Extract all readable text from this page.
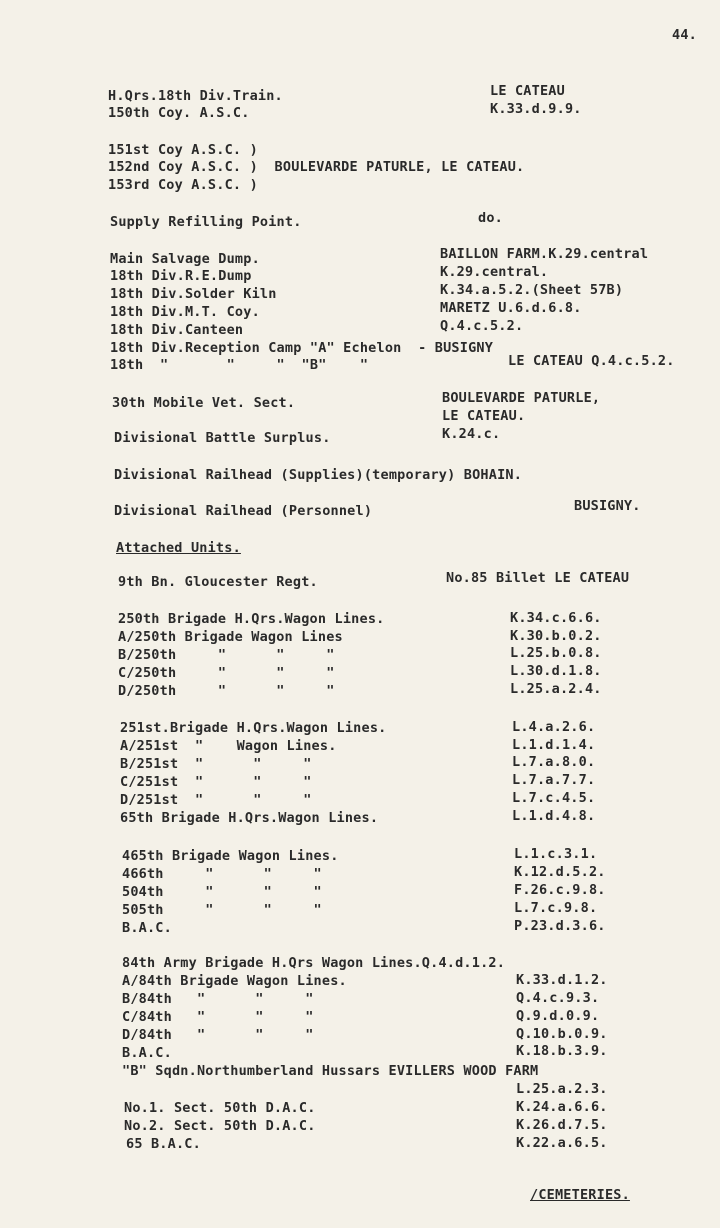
44.
H.Qrs.18th Div.Train.	LE CATEAU
150th Coy. A.S.C.	K.33.d.9.9.
151st Coy A.S.C. )
152nd Coy A.S.C. )  BOULEVARDE PATURLE, LE CATEAU.
153rd Coy A.S.C. )
Supply Refilling Point.	do.
Main Salvage Dump.	BAILLON FARM.K.29.central
18th Div.R.E.Dump	K.29.central.
18th Div.Solder Kiln	K.34.a.5.2.(Sheet 57B)
18th Div.M.T. Coy.	MARETZ U.6.d.6.8.
18th Div.Canteen	Q.4.c.5.2.
18th Div.Reception Camp "A" Echelon  - BUSIGNY
18th  "       "     "  "B"    "	LE CATEAU Q.4.c.5.2.
30th Mobile Vet. Sect.	BOULEVARDE PATURLE,
LE CATEAU.
Divisional Battle Surplus.	K.24.c.
Divisional Railhead (Supplies)(temporary) BOHAIN.
Divisional Railhead (Personnel)	BUSIGNY.
Attached Units.
9th Bn. Gloucester Regt.	No.85 Billet LE CATEAU
250th Brigade H.Qrs.Wagon Lines.	K.34.c.6.6.
A/250th Brigade Wagon Lines	K.30.b.0.2.
B/250th     "      "     "	L.25.b.0.8.
C/250th     "      "     "	L.30.d.1.8.
D/250th     "      "     "	L.25.a.2.4.
251st.Brigade H.Qrs.Wagon Lines.	L.4.a.2.6.
A/251st  "    Wagon Lines.	L.1.d.1.4.
B/251st  "      "     "	L.7.a.8.0.
C/251st  "      "     "	L.7.a.7.7.
D/251st  "      "     "	L.7.c.4.5.
65th Brigade H.Qrs.Wagon Lines.	L.1.d.4.8.
465th Brigade Wagon Lines.	L.1.c.3.1.
466th     "      "     "	K.12.d.5.2.
504th     "      "     "	F.26.c.9.8.
505th     "      "     "	L.7.c.9.8.
B.A.C.	P.23.d.3.6.
84th Army Brigade H.Qrs Wagon Lines.Q.4.d.1.2.
A/84th Brigade Wagon Lines.	K.33.d.1.2.
B/84th   "      "     "	Q.4.c.9.3.
C/84th   "      "     "	Q.9.d.0.9.
D/84th   "      "     "	Q.10.b.0.9.
B.A.C.	K.18.b.3.9.
"B" Sqdn.Northumberland Hussars EVILLERS WOOD FARM
L.25.a.2.3.
No.1. Sect. 50th D.A.C.	K.24.a.6.6.
No.2. Sect. 50th D.A.C.	K.26.d.7.5.
65 B.A.C.	K.22.a.6.5.
/CEMETERIES.
